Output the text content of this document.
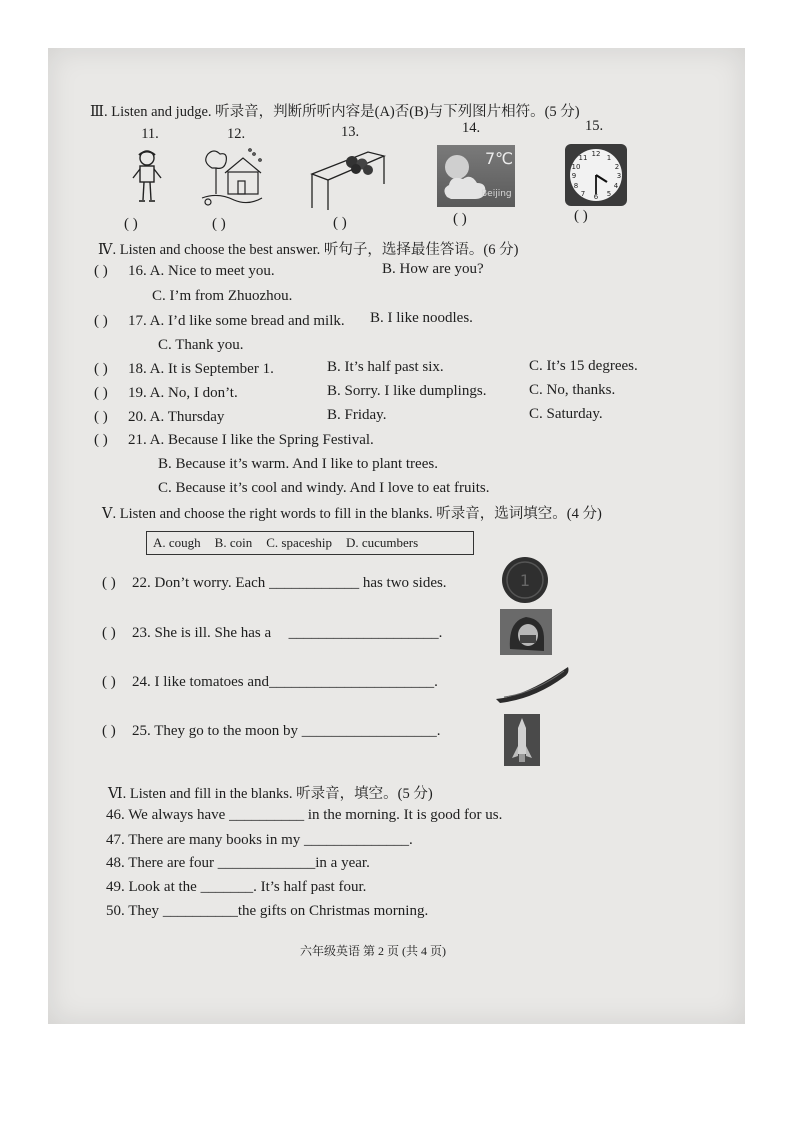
Ⅲ. Listen and judge. 听录音，判断所听内容是(A)否(B)与下列图片相符。(5 分)
11.	12.	13.	14.	15.
7℃
Beijing
12 1
2
3
4
5
6
7
8
9
10
11
( )	( )	( )	( )	( )
Ⅳ. Listen and choose the best answer. 听句子，选择最佳答语。(6 分)
( ) 16. A. Nice to meet you.	B. How are you?
C. I’m from Zhuozhou.
( ) 17. A. I’d like some bread and milk. B. I like noodles.
C. Thank you.
( ) 18. A. It is September 1.	B. It’s half past six.	C. It’s 15 degrees.
( ) 19. A. No, I don’t.	B. Sorry. I like dumplings.	C. No, thanks.
( ) 20. A. Thursday	B. Friday.	C. Saturday.
( ) 21. A. Because I like the Spring Festival.
B. Because it’s warm. And I like to plant trees.
C. Because it’s cool and windy. And I love to eat fruits.
Ⅴ. Listen and choose the right words to fill in the blanks. 听录音，选词填空。(4 分)
A. cough B. coin C. spaceship D. cucumbers
( ) 22. Don’t worry. Each ____________ has two sides.	1
( ) 23. She is ill. She has a ____________________.
( ) 24. I like tomatoes and______________________.
( ) 25. They go to the moon by __________________.
Ⅵ. Listen and fill in the blanks. 听录音，填空。(5 分)
46. We always have __________ in the morning. It is good for us.
47. There are many books in my ______________.
48. There are four _____________in a year.
49. Look at the _______. It’s half past four.
50. They __________the gifts on Christmas morning.
六年级英语 第 2 页 (共 4 页)
